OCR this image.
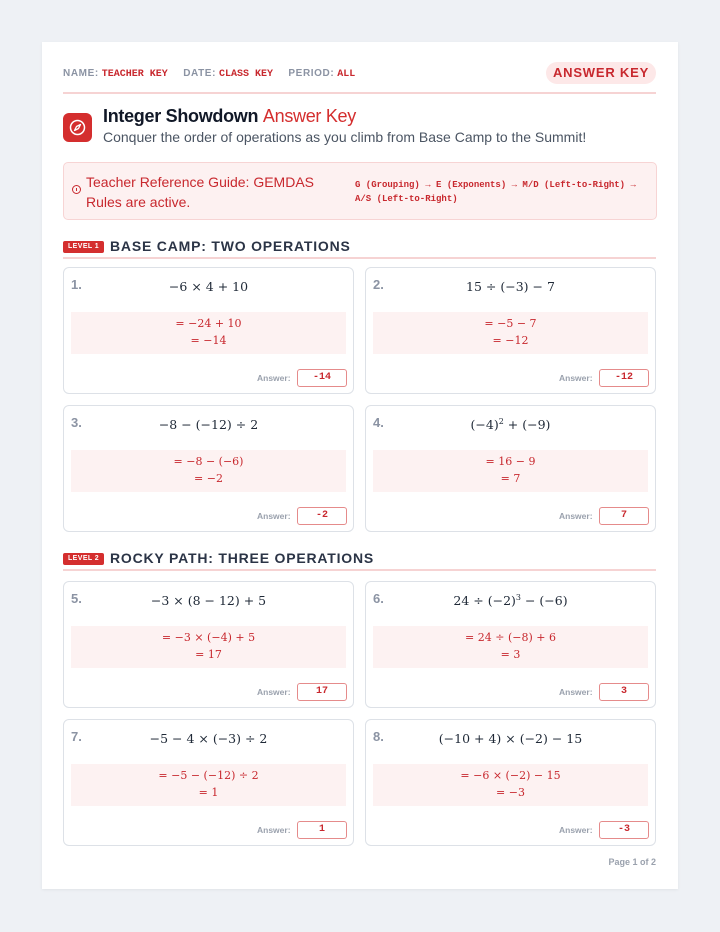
NAME: TEACHER KEY DATE: CLASS KEY PERIOD: ALL	ANSWER KEY
Integer Showdown Answer Key
Conquer the order of operations as you climb from Base Camp to the Summit!
Teacher Reference Guide: GEMDAS Rules are active.
G (Grouping) → E (Exponents) → M/D (Left-to-Right) → A/S (Left-to-Right)
LEVEL 1 BASE CAMP: TWO OPERATIONS
LEVEL 2 ROCKY PATH: THREE OPERATIONS
1.	−6 × 4 + 10
= −24 + 10
= −14
Answer:	-14
2.	15 ÷ (−3) − 7
= −5 − 7
= −12
Answer:	-12
3.	−8 − (−12) ÷ 2
= −8 − (−6)
= −2
Answer:	-2
4.	$(-4)^2 + (-9)$
= 16 − 9
= 7
Answer:	7
5.	−3 × (8 − 12) + 5
= −3 × (−4) + 5
= 17
Answer:	17
6.	$24 \div (-2)^3 - (-6)$
= 24 ÷ (−8) + 6
= 3
Answer:	3
7.	−5 − 4 × (−3) ÷ 2
= −5 − (−12) ÷ 2
= 1
Answer:	1
8.	(−10 + 4) × (−2) − 15
= −6 × (−2) − 15
= −3
Answer:	-3
Page 1 of 2
